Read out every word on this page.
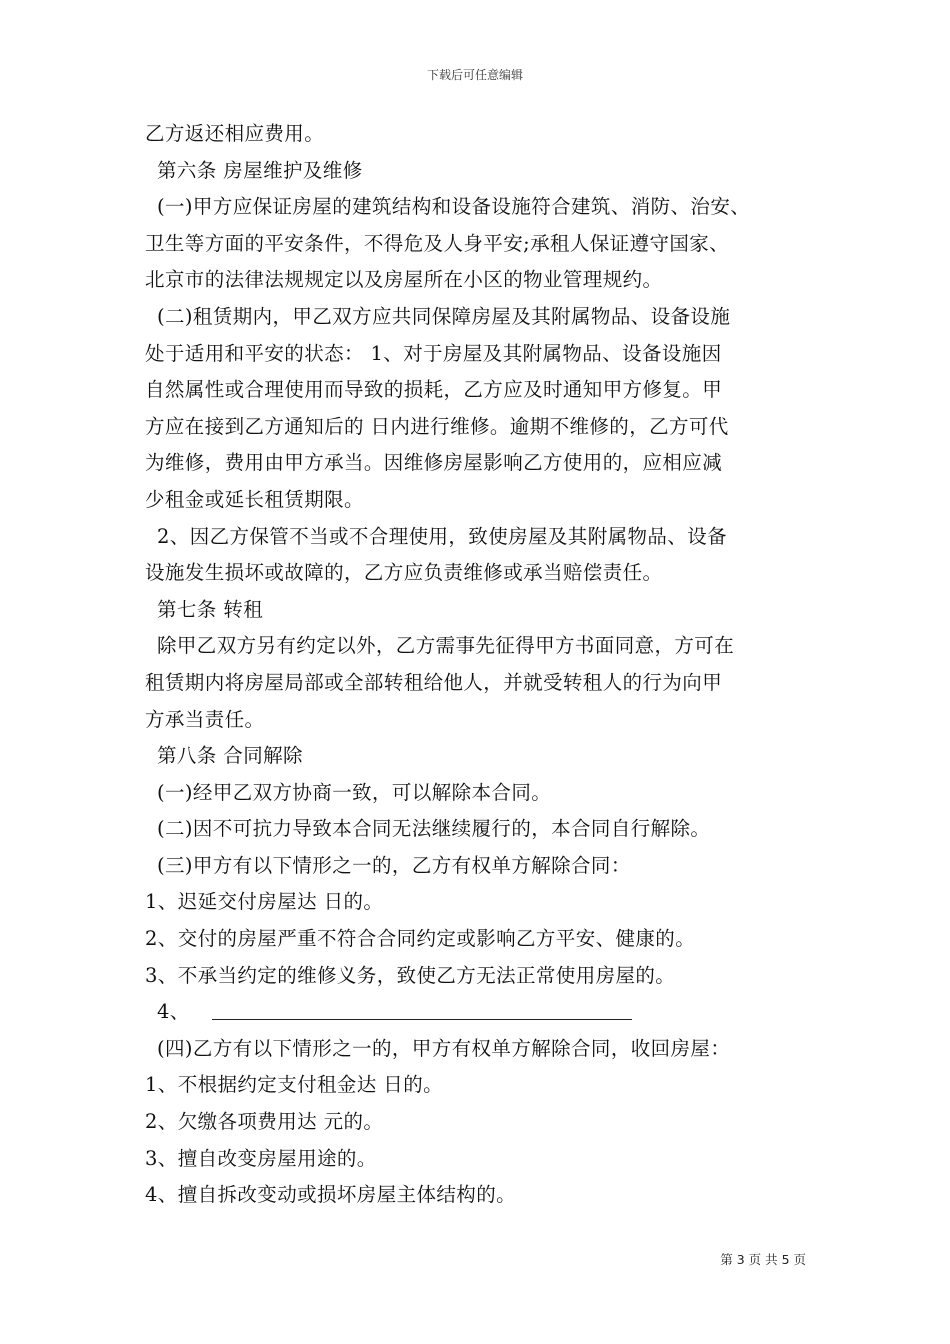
下载后可任意编辑
乙方返还相应费用。
第六条 房屋维护及维修
(一)甲方应保证房屋的建筑结构和设备设施符合建筑、消防、治安、
卫生等方面的平安条件，不得危及人身平安;承租人保证遵守国家、
北京市的法律法规规定以及房屋所在小区的物业管理规约。
(二)租赁期内，甲乙双方应共同保障房屋及其附属物品、设备设施
处于适用和平安的状态： 1、对于房屋及其附属物品、设备设施因
自然属性或合理使用而导致的损耗，乙方应及时通知甲方修复。甲
方应在接到乙方通知后的 日内进行维修。逾期不维修的，乙方可代
为维修，费用由甲方承当。因维修房屋影响乙方使用的，应相应减
少租金或延长租赁期限。
2、因乙方保管不当或不合理使用，致使房屋及其附属物品、设备
设施发生损坏或故障的，乙方应负责维修或承当赔偿责任。
第七条 转租
除甲乙双方另有约定以外，乙方需事先征得甲方书面同意，方可在
租赁期内将房屋局部或全部转租给他人，并就受转租人的行为向甲
方承当责任。
第八条 合同解除
(一)经甲乙双方协商一致，可以解除本合同。
(二)因不可抗力导致本合同无法继续履行的，本合同自行解除。
(三)甲方有以下情形之一的，乙方有权单方解除合同：
1、迟延交付房屋达 日的。
2、交付的房屋严重不符合合同约定或影响乙方平安、健康的。
3、不承当约定的维修义务，致使乙方无法正常使用房屋的。
4、
(四)乙方有以下情形之一的，甲方有权单方解除合同，收回房屋：
1、不根据约定支付租金达 日的。
2、欠缴各项费用达 元的。
3、擅自改变房屋用途的。
4、擅自拆改变动或损坏房屋主体结构的。
第 3 页 共 5 页
